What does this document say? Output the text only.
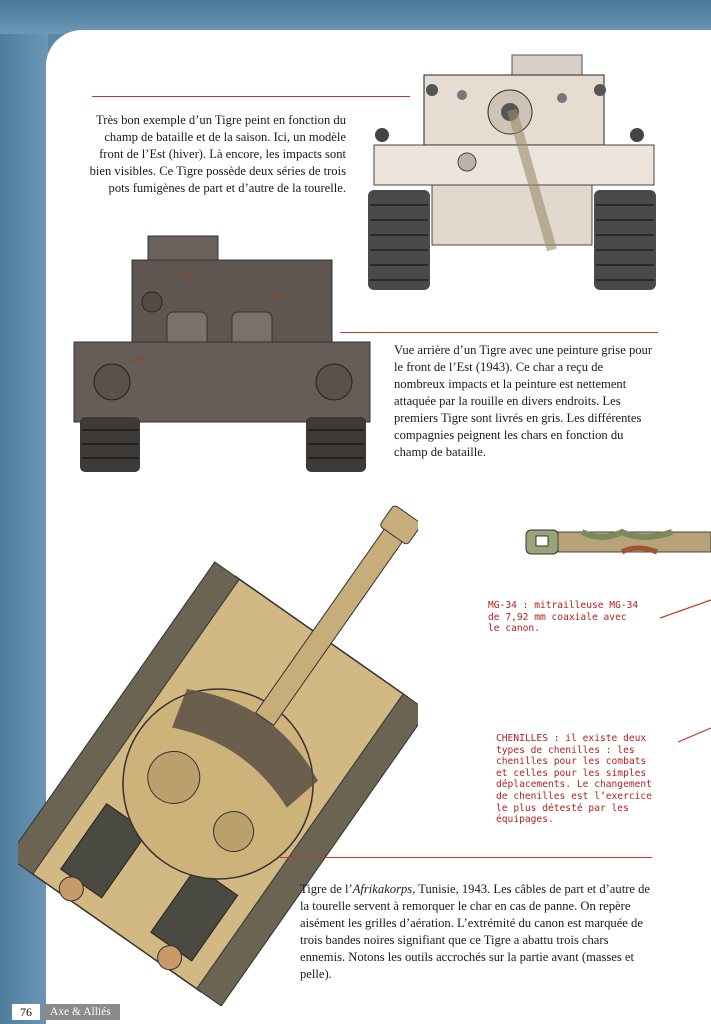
Très bon exemple d’un Tigre peint en fonction du champ de bataille et de la saison. Ici, un modèle front de l’Est (hiver). Là encore, les impacts sont bien visibles. Ce Tigre possède deux séries de trois pots fumigènes de part et d’autre de la tourelle.
Vue arrière d’un Tigre avec une peinture grise pour le front de l’Est (1943). Ce char a reçu de nombreux impacts et la peinture est nettement attaquée par la rouille en divers endroits. Les premiers Tigre sont livrés en gris. Les différentes compagnies peignent les chars en fonction du champ de bataille.
MG-34 : mitrailleuse MG-34
de 7,92 mm coaxiale avec
le canon.
CHENILLES : il existe deux
types de chenilles : les
chenilles pour les combats
et celles pour les simples
déplacements. Le changement
de chenilles est l’exercice
le plus détesté par les
équipages.
Tigre de l’Afrikakorps, Tunisie, 1943. Les câbles de part et d’autre de la tourelle servent à remorquer le char en cas de panne. On repère aisément les grilles d’aération. L’extrémité du canon est marquée de trois bandes noires signifiant que ce Tigre a abattu trois chars ennemis. Notons les outils accrochés sur la partie avant (masses et pelle).
76	Axe & Alliés
